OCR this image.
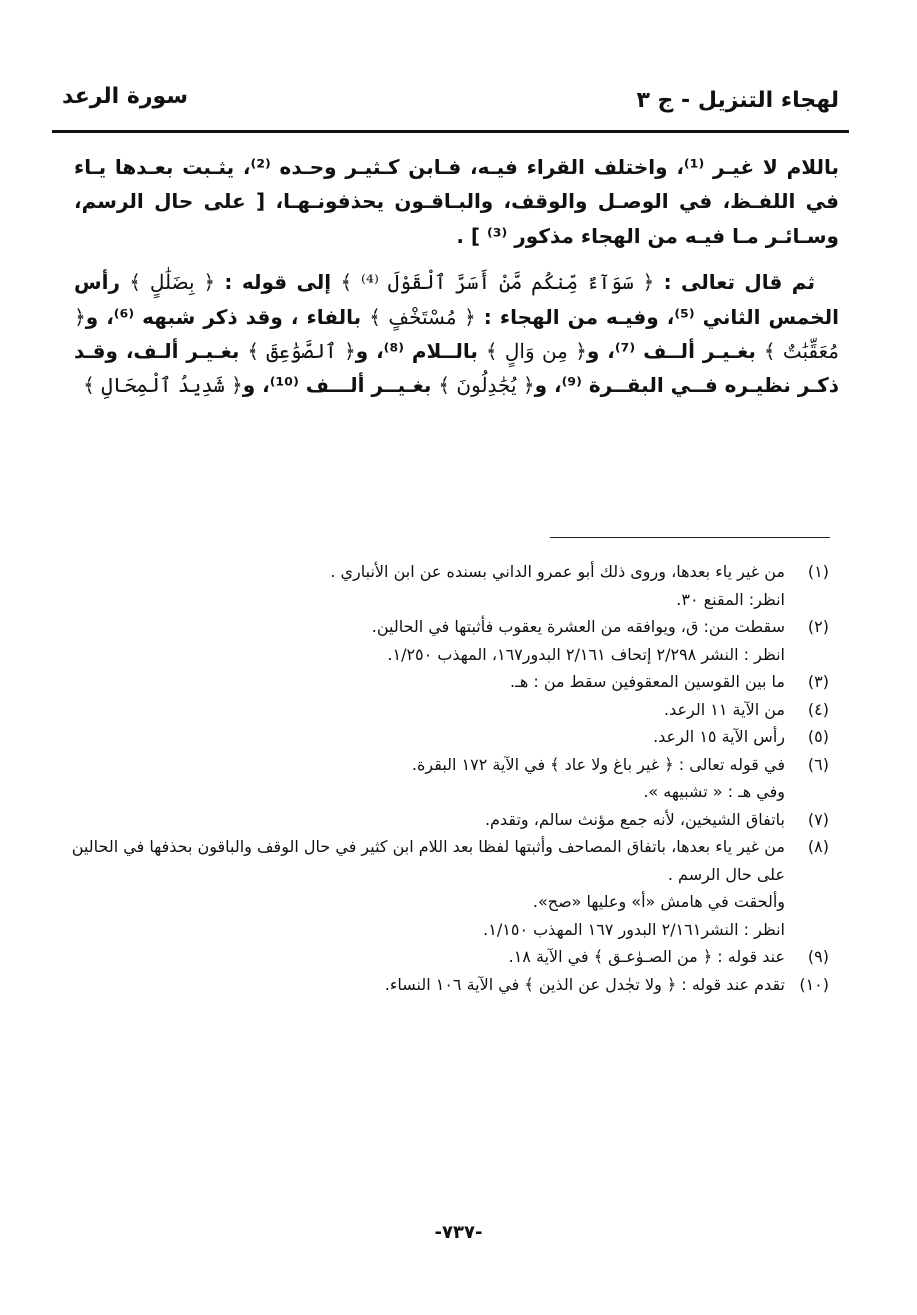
لهجاء التنزيل - ج ٣
سورة الرعد

باللام لا غيـر ⁽¹⁾، واختلف القراء فيـه، فـابن كـثيـر وحـده ⁽²⁾، يثـبت بعـدها يـاء في اللفـظ، في الوصـل والوقف، والبـاقـون يحذفونـهـا، [ على حال الرسم، وسـائـر مـا فيـه من الهجاء مذكور ⁽³⁾ ] .

ثم قال تعالى : ﴿ سَوَآءٌ مِّنكُم مَّنْ أَسَرَّ ٱلْقَوْلَ ⁽⁴⁾ ﴾ إلى قوله : ﴿ بِضَلَٰلٍ ﴾ رأس الخمس الثاني ⁽⁵⁾، وفيـه من الهجاء : ﴿ مُسْتَخْفٍ ﴾ بالفاء ، وقد ذكر شبهه ⁽⁶⁾، و﴿ مُعَقِّبَٰتٌ ﴾ بغـيـر ألــف ⁽⁷⁾، و﴿ مِن وَالٍ ﴾ بالــلام ⁽⁸⁾، و﴿ ٱلصَّوَٰعِقَ ﴾ بغـيـر ألـف، وقـد ذكـر نظيـره فــي البقــرة ⁽⁹⁾، و﴿ يُجَٰدِلُونَ ﴾ بغـيــر ألـــف ⁽¹⁰⁾، و﴿ شَدِيدُ ٱلْمِحَالِ ﴾

(١)
من غير ياء بعدها، وروى ذلك أبو عمرو الداني بسنده عن ابن الأنباري .
انظر: المقنع ٣٠.
(٢)
سقطت من: ق، ويوافقه من العشرة يعقوب فأثبتها في الحالين.
انظر : النشر ٢/٢٩٨ إتحاف ٢/١٦١ البدور١٦٧، المهذب ١/٢٥٠.
(٣)
ما بين القوسين المعقوفين سقط من : هـ.
(٤)
من الآية ١١ الرعد.
(٥)
رأس الآية ١٥ الرعد.
(٦)
في قوله تعالى : ﴿ غير باغ ولا عاد ﴾ في الآية ١٧٢ البقرة.
وفي هـ : « تشبيهه ».
(٧)
باتفاق الشيخين، لأنه جمع مؤنث سالم، وتقدم.
(٨)
من غير ياء بعدها، باتفاق المصاحف وأثبتها لفظا بعد اللام ابن كثير في حال الوقف والباقون بحذفها في الحالين على حال الرسم .
وألحقت في هامش «أ» وعليها «صح».
انظر : النشر٢/١٦١ البدور ١٦٧ المهذب ١/١٥٠.
(٩)
عند قوله : ﴿ من الصـوٰعـق ﴾ في الآية ١٨.
(١٠)
تقدم عند قوله : ﴿ ولا تجٰدل عن الذين ﴾ في الآية ١٠٦ النساء.
-٧٣٧-
